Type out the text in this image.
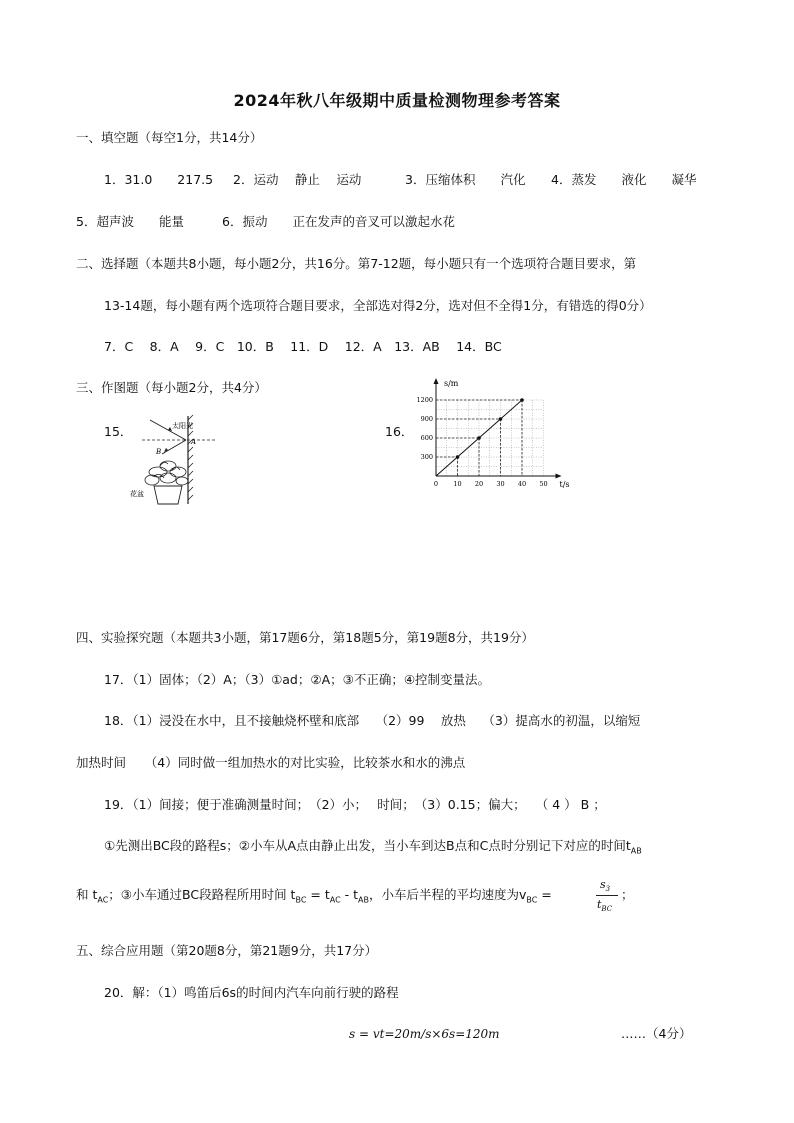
2024年秋八年级期中质量检测物理参考答案
一、填空题（每空1分，共14分）
1．31.0　　217.5 2．运动　 静止　 运动	3．压缩体积　　汽化 4．蒸发　　液化　　凝华
5．超声波　　能量	6．振动　　正在发声的音叉可以激起水花
二、选择题（本题共8小题，每小题2分，共16分。第7-12题，每小题只有一个选项符合题目要求，第
13-14题，每小题有两个选项符合题目要求，全部选对得2分，选对但不全得1分，有错选的得0分）
7．C　 8．A　 9．C　10．B　 11．D　 12．A　13．AB　 14．BC
三、作图题（每小题2分，共4分）
15．	16．
太阳光
A
B
花盆
0 10 20 30 40 50
300
600
900
1200
s/m
t/s
四、实验探究题（本题共3小题，第17题6分，第18题5分，第19题8分，共19分）
17．（1）固体；（2）A；（3）①ad；②A；③不正确；④控制变量法。
18．（1）浸没在水中，且不接触烧杯壁和底部　 （2）99　 放热　 （3）提高水的初温，以缩短
加热时间　　（4）同时做一组加热水的对比实验，比较茶水和水的沸点
19．（1）间接；便于准确测量时间；　（2）小；　 时间；　（3）0.15；偏大；　 （ 4 ） B ；
①先测出BC段的路程s；②小车从A点由静止出发，当小车到达B点和C点时分别记下对应的时间$t_{AB}$
和 $t_{AC}$；③小车通过BC段路程所用时间 $t_{BC} = t_{AC} - t_{AB}$，小车后半程的平均速度为$v_{BC}$ =
$s_3$
$t_{BC}$
；
五、综合应用题（第20题8分，第21题9分，共17分）
20．解：（1）鸣笛后6s的时间内汽车向前行驶的路程
s = vt=20m/s×6s=120m	……（4分）
